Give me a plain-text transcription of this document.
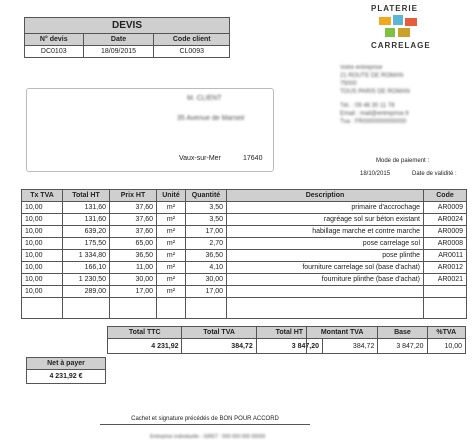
DEVIS		
N° devis	Date	Code client
DC0103	18/09/2015	CL0093
PLATERIE
CARRELAGE
Votre entreprise
21 ROUTE DE ROMAN
75000
TOUS PARIS DE ROMAN
Tél. : 09 46 30 11 78
Email : mail@entreprise.fr
Tva : FR0000000000000
M. CLIENT
35 Avenue de Marseil
17640
Vaux-sur-Mer	Mode de paiement :
18/10/2015	Date de validité :
Tx TVA	Total HT	Prix HT	Unité	Quantité	Description	Code
10,00	131,60	37,60	m²	3,50	primaire d'accrochage	AR0009
10,00	131,60	37,60	m²	3,50	ragréage sol sur béton existant	AR0024
10,00	639,20	37,60	m²	17,00	habillage marche et contre marche	AR0009
10,00	175,50	65,00	m²	2,70	pose carrelage sol	AR0008
10,00	1 334,80	36,50	m²	36,50	pose plinthe	AR0011
10,00	166,10	11,00	m²	4,10	fourniture carrelage sol (base d'achat)	AR0012
10,00	1 230,50	30,00	m²	30,00	fourniture plinthe (base d'achat)	AR0021
10,00	289,00	17,00	m²	17,00		

Total TTC	Total TVA	Total HT
4 231,92	384,72	3 847,20
Montant TVA	Base	%TVA
384,72	3 847,20	10,00
Net à payer
4 231,92 €
Cachet et signature précédés de BON POUR ACCORD
Entreprise individuelle - SIRET : 000 000 000 00000
